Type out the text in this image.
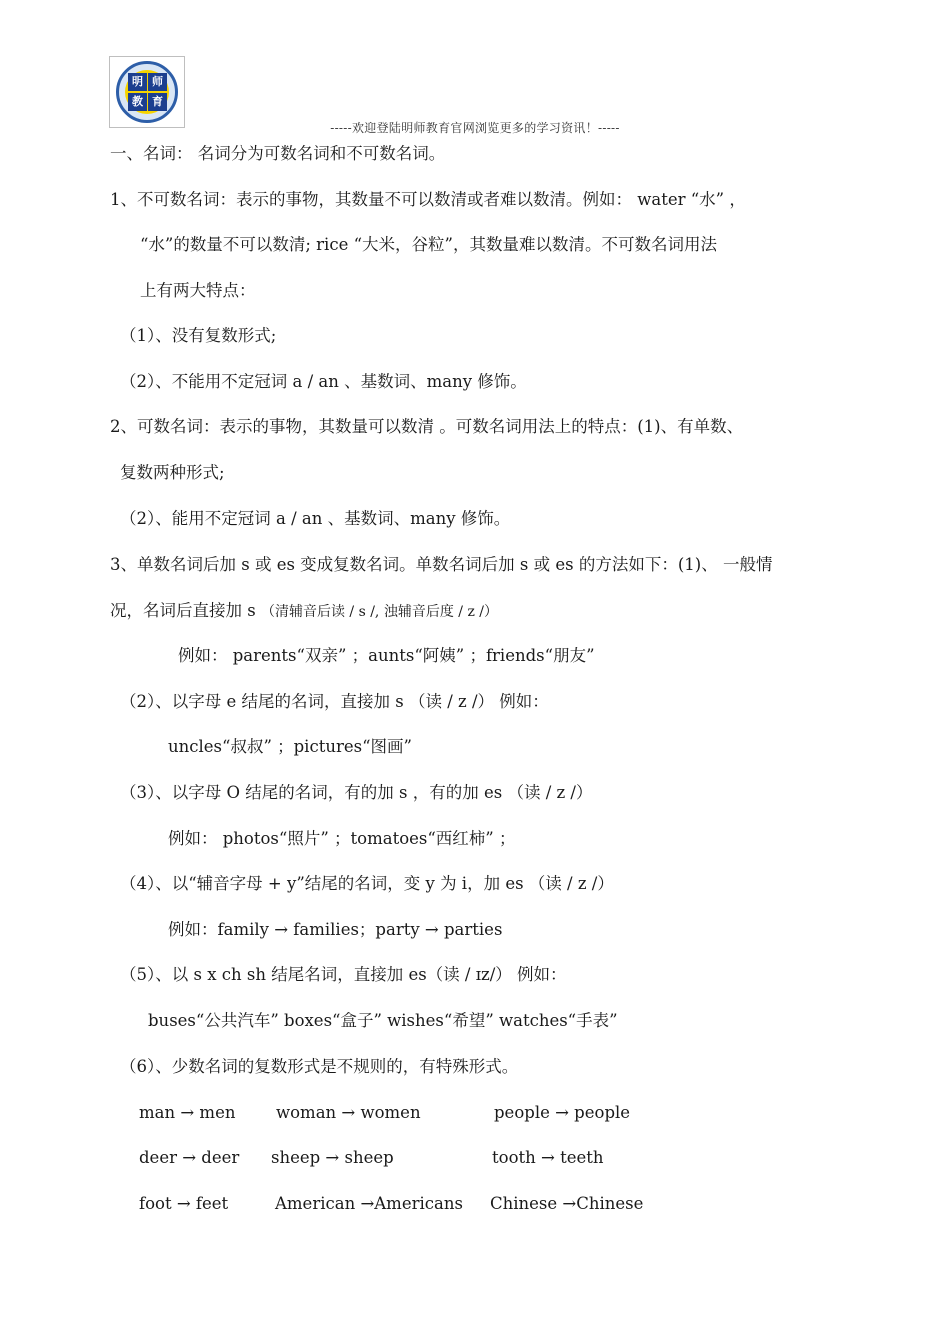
明 师
教 育
-----欢迎登陆明师教育官网浏览更多的学习资讯！-----
一、名词： 名词分为可数名词和不可数名词。
1、不可数名词：表示的事物，其数量不可以数清或者难以数清。例如： water “水” ，
“水”的数量不可以数清; rice “大米，谷粒”，其数量难以数清。不可数名词用法
上有两大特点：
（1）、没有复数形式;
（2）、不能用不定冠词 a / an 、基数词、many 修饰。
2、可数名词：表示的事物，其数量可以数清 。可数名词用法上的特点：(1)、有单数、
复数两种形式;
（2）、能用不定冠词 a / an 、基数词、many 修饰。
3、单数名词后加 s 或 es 变成复数名词。单数名词后加 s 或 es 的方法如下：(1)、 一般情
况，名词后直接加 s （清辅音后读 / s /, 浊辅音后度 / z /）
例如： parents“双亲” ；aunts“阿姨” ；friends“朋友”
（2）、以字母 e 结尾的名词，直接加 s （读 / z /） 例如：
uncles“叔叔” ；pictures“图画”
（3）、以字母 O 结尾的名词，有的加 s ，有的加 es （读 / z /）
例如： photos“照片” ；tomatoes“西红柿” ；
（4）、以“辅音字母 + y”结尾的名词，变 y 为 i，加 es （读 / z /）
例如：family → families；party → parties
（5）、以 s x ch sh 结尾名词，直接加 es（读 / ɪz/） 例如：
buses“公共汽车” boxes“盒子” wishes“希望” watches“手表”
（6）、少数名词的复数形式是不规则的，有特殊形式。
man → men woman → women	people → people
deer → deer sheep → sheep	tooth → teeth
foot → feet	American →Americans Chinese →Chinese
